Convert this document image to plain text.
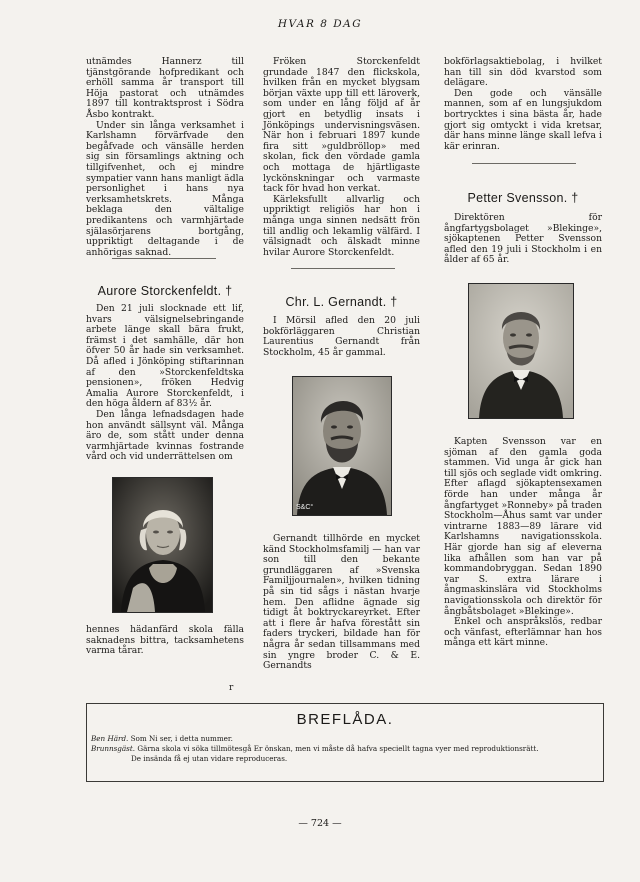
HVAR 8 DAG

utnämdes Hannerz till tjänstgörande hofpredikant och erhöll samma år transport till Höja pastorat och utnämdes 1897 till kontraktsprost i Södra Åsbo kontrakt.

Under sin långa verksamhet i Karlshamn förvärfvade den begåfvade och vänsälle herden sig sin församlings aktning och tillgifvenhet, och ej mindre sympatier vann hans manligt ädla personlighet i hans nya verksamhetskrets. Många beklaga den vältalige predikantens och varmhjärtade själasörjarens bortgång, uppriktigt deltagande i de anhörigas saknad.

Aurore Storckenfeldt. †

Den 21 juli slocknade ett lif, hvars välsignelsebringande arbete länge skall bära frukt, främst i det samhälle, där hon öfver 50 år hade sin verksamhet. Då afled i Jönköping stiftarinnan af den »Storckenfeldtska pensionen», fröken Hedvig Amalia Aurore Storckenfeldt, i den höga åldern af 83½ år.

Den långa lefnadsdagen hade hon användt sällsynt väl. Många äro de, som stått under denna varmhjärtade kvinnas fostrande vård och vid underrättelsen om

hennes hädanfärd skola fälla saknadens bittra, tacksamhetens varma tårar.

Fröken Storckenfeldt grundade 1847 den flickskola, hvilken från en mycket blygsam början växte upp till ett läroverk, som under en lång följd af år gjort en betydlig insats i Jönköpings undervisningsväsen. När hon i februari 1897 kunde fira sitt »guldbröllop» med skolan, fick den vördade gamla och mottaga de hjärtligaste lyckönskningar och varmaste tack för hvad hon verkat.

Kärleksfullt allvarlig och uppriktigt religiös har hon i många unga sinnen nedsätt frön till andlig och lekamlig välfärd. I välsignadt och älskadt minne hvilar Aurore Storckenfeldt.

Chr. L. Gernandt. †

I Mörsil afled den 20 juli bokförläggaren Christian Laurentius Gernandt från Stockholm, 45 år gammal.

S&C°

Gernandt tillhörde en mycket känd Stockholmsfamilj — han var son till den bekante grundläggaren af »Svenska Familjjournalen», hvilken tidning på sin tid sågs i nästan hvarje hem. Den aflidne ägnade sig tidigt åt boktryckareyrket. Efter att i flere år hafva förestått sin faders tryckeri, bildade han för några år sedan tillsammans med sin yngre broder C. & E. Gernandts

bokförlagsaktiebolag, i hvilket han till sin död kvarstod som delägare.

Den gode och vänsälle mannen, som af en lungsjukdom bortrycktes i sina bästa år, hade gjort sig omtyckt i vida kretsar, där hans minne länge skall lefva i kär erinran.

Petter Svensson. †

Direktören för ångfartygsbolaget »Blekinge», sjökaptenen Petter Svensson afled den 19 juli i Stockholm i en ålder af 65 år.

Kapten Svensson var en sjöman af den gamla goda stammen. Vid unga år gick han till sjös och seglade vidt omkring. Efter aflagd sjökaptensexamen förde han under många år ångfartyget »Ronneby» på traden Stockholm—Åhus samt var under vintrarne 1883—89 lärare vid Karlshamns navigationsskola. Här gjorde han sig af eleverna lika afhållen som han var på kommandobryggan. Sedan 1890 var S. extra lärare i ångmaskinslära vid Stockholms navigationsskola och direktör för ångbåtsbolaget »Blekinge».

Enkel och anspråkslös, redbar och vänfast, efterlämnar han hos många ett kärt minne.

r
BREFLÅDA.
Ben Härd. Som Ni ser, i detta nummer.
Brunnsgäst. Gärna skola vi söka tillmötesgå Er önskan, men vi måste då hafva speciellt tagna vyer med reproduktionsrätt.
De insända få ej utan vidare reproduceras.
— 724 —
